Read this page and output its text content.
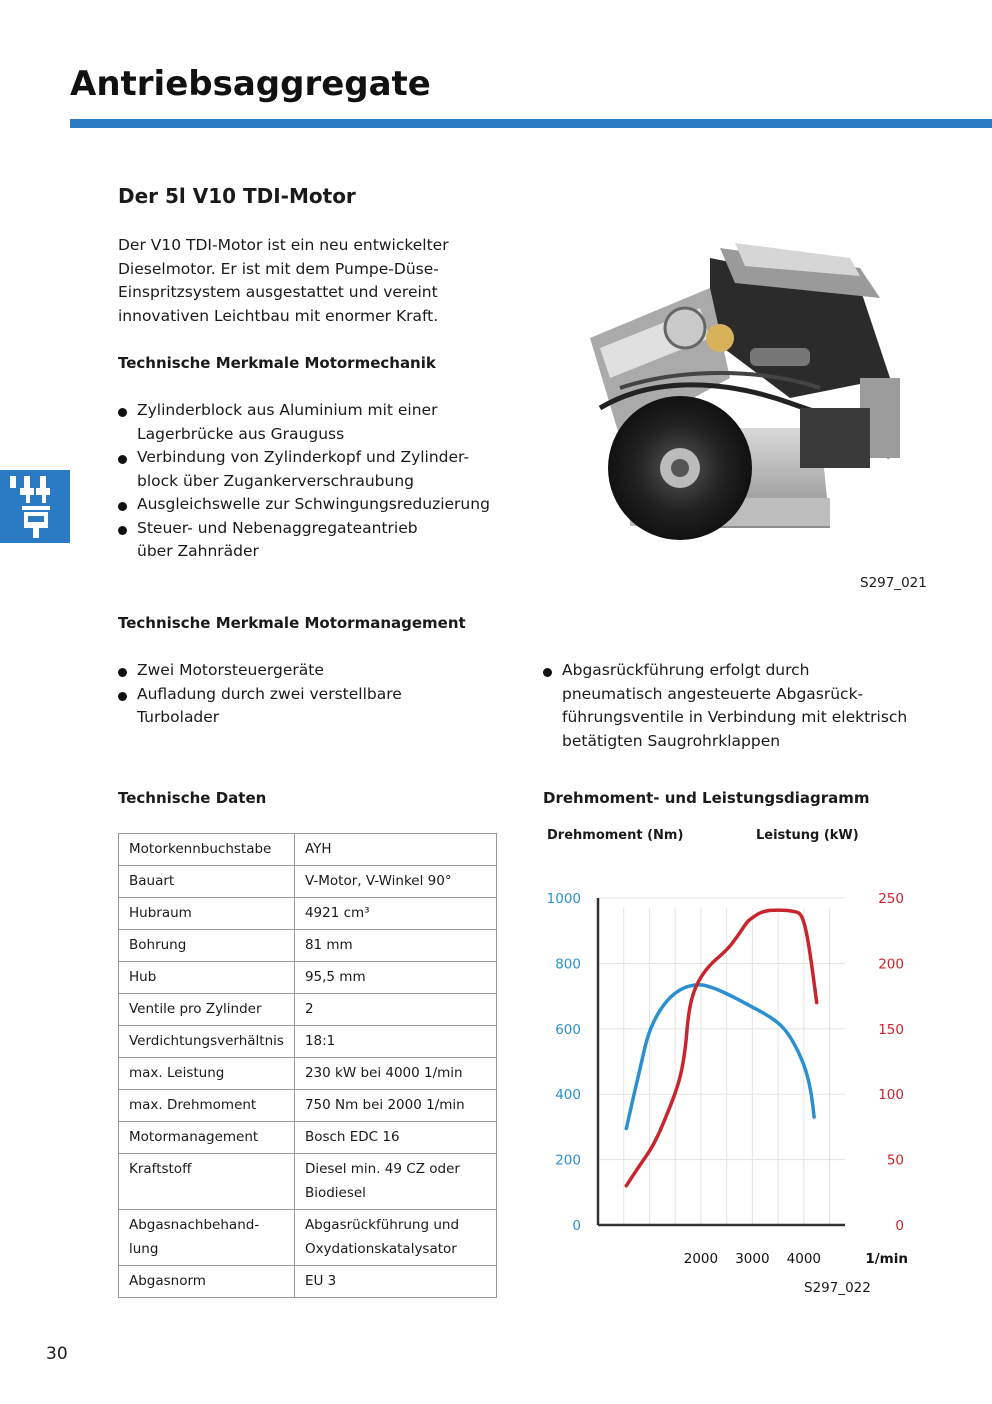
Antriebsaggregate
Der 5l V10 TDI-Motor
Der V10 TDI-Motor ist ein neu entwickelter
Dieselmotor. Er ist mit dem Pumpe-Düse-
Einspritzsystem ausgestattet und vereint
innovativen Leichtbau mit enormer Kraft.
Technische Merkmale Motormechanik
Zylinderblock aus Aluminium mit einer
Lagerbrücke aus Grauguss
Verbindung von Zylinderkopf und Zylinder-
block über Zugankerverschraubung
Ausgleichswelle zur Schwingungsreduzierung
Steuer- und Nebenaggregateantrieb
über Zahnräder
S297_021
Technische Merkmale Motormanagement
Zwei Motorsteuergeräte
Aufladung durch zwei verstellbare
Turbolader
Abgasrückführung erfolgt durch
pneumatisch angesteuerte Abgasrück-
führungsventile in Verbindung mit elektrisch
betätigten Saugrohrklappen
Technische Daten
Motorkennbuchstabe	AYH
Bauart	V-Motor, V-Winkel 90°
Hubraum	4921 cm³
Bohrung	81 mm
Hub	95,5 mm
Ventile pro Zylinder	2
Verdichtungsverhältnis	18:1
max. Leistung	230 kW bei 4000 1/min
max. Drehmoment	750 Nm bei 2000 1/min
Motormanagement	Bosch EDC 16
Kraftstoff	Diesel min. 49 CZ oder Biodiesel
Abgasnachbehand-lung	Abgasrückführung und Oxydationskatalysator
Abgasnorm	EU 3
Drehmoment- und Leistungsdiagramm
Drehmoment (Nm)	Leistung (kW)
0
200
400
600
800
1000
0
50
100
150
200
250
2000 3000 4000	1/min
S297_022
30
